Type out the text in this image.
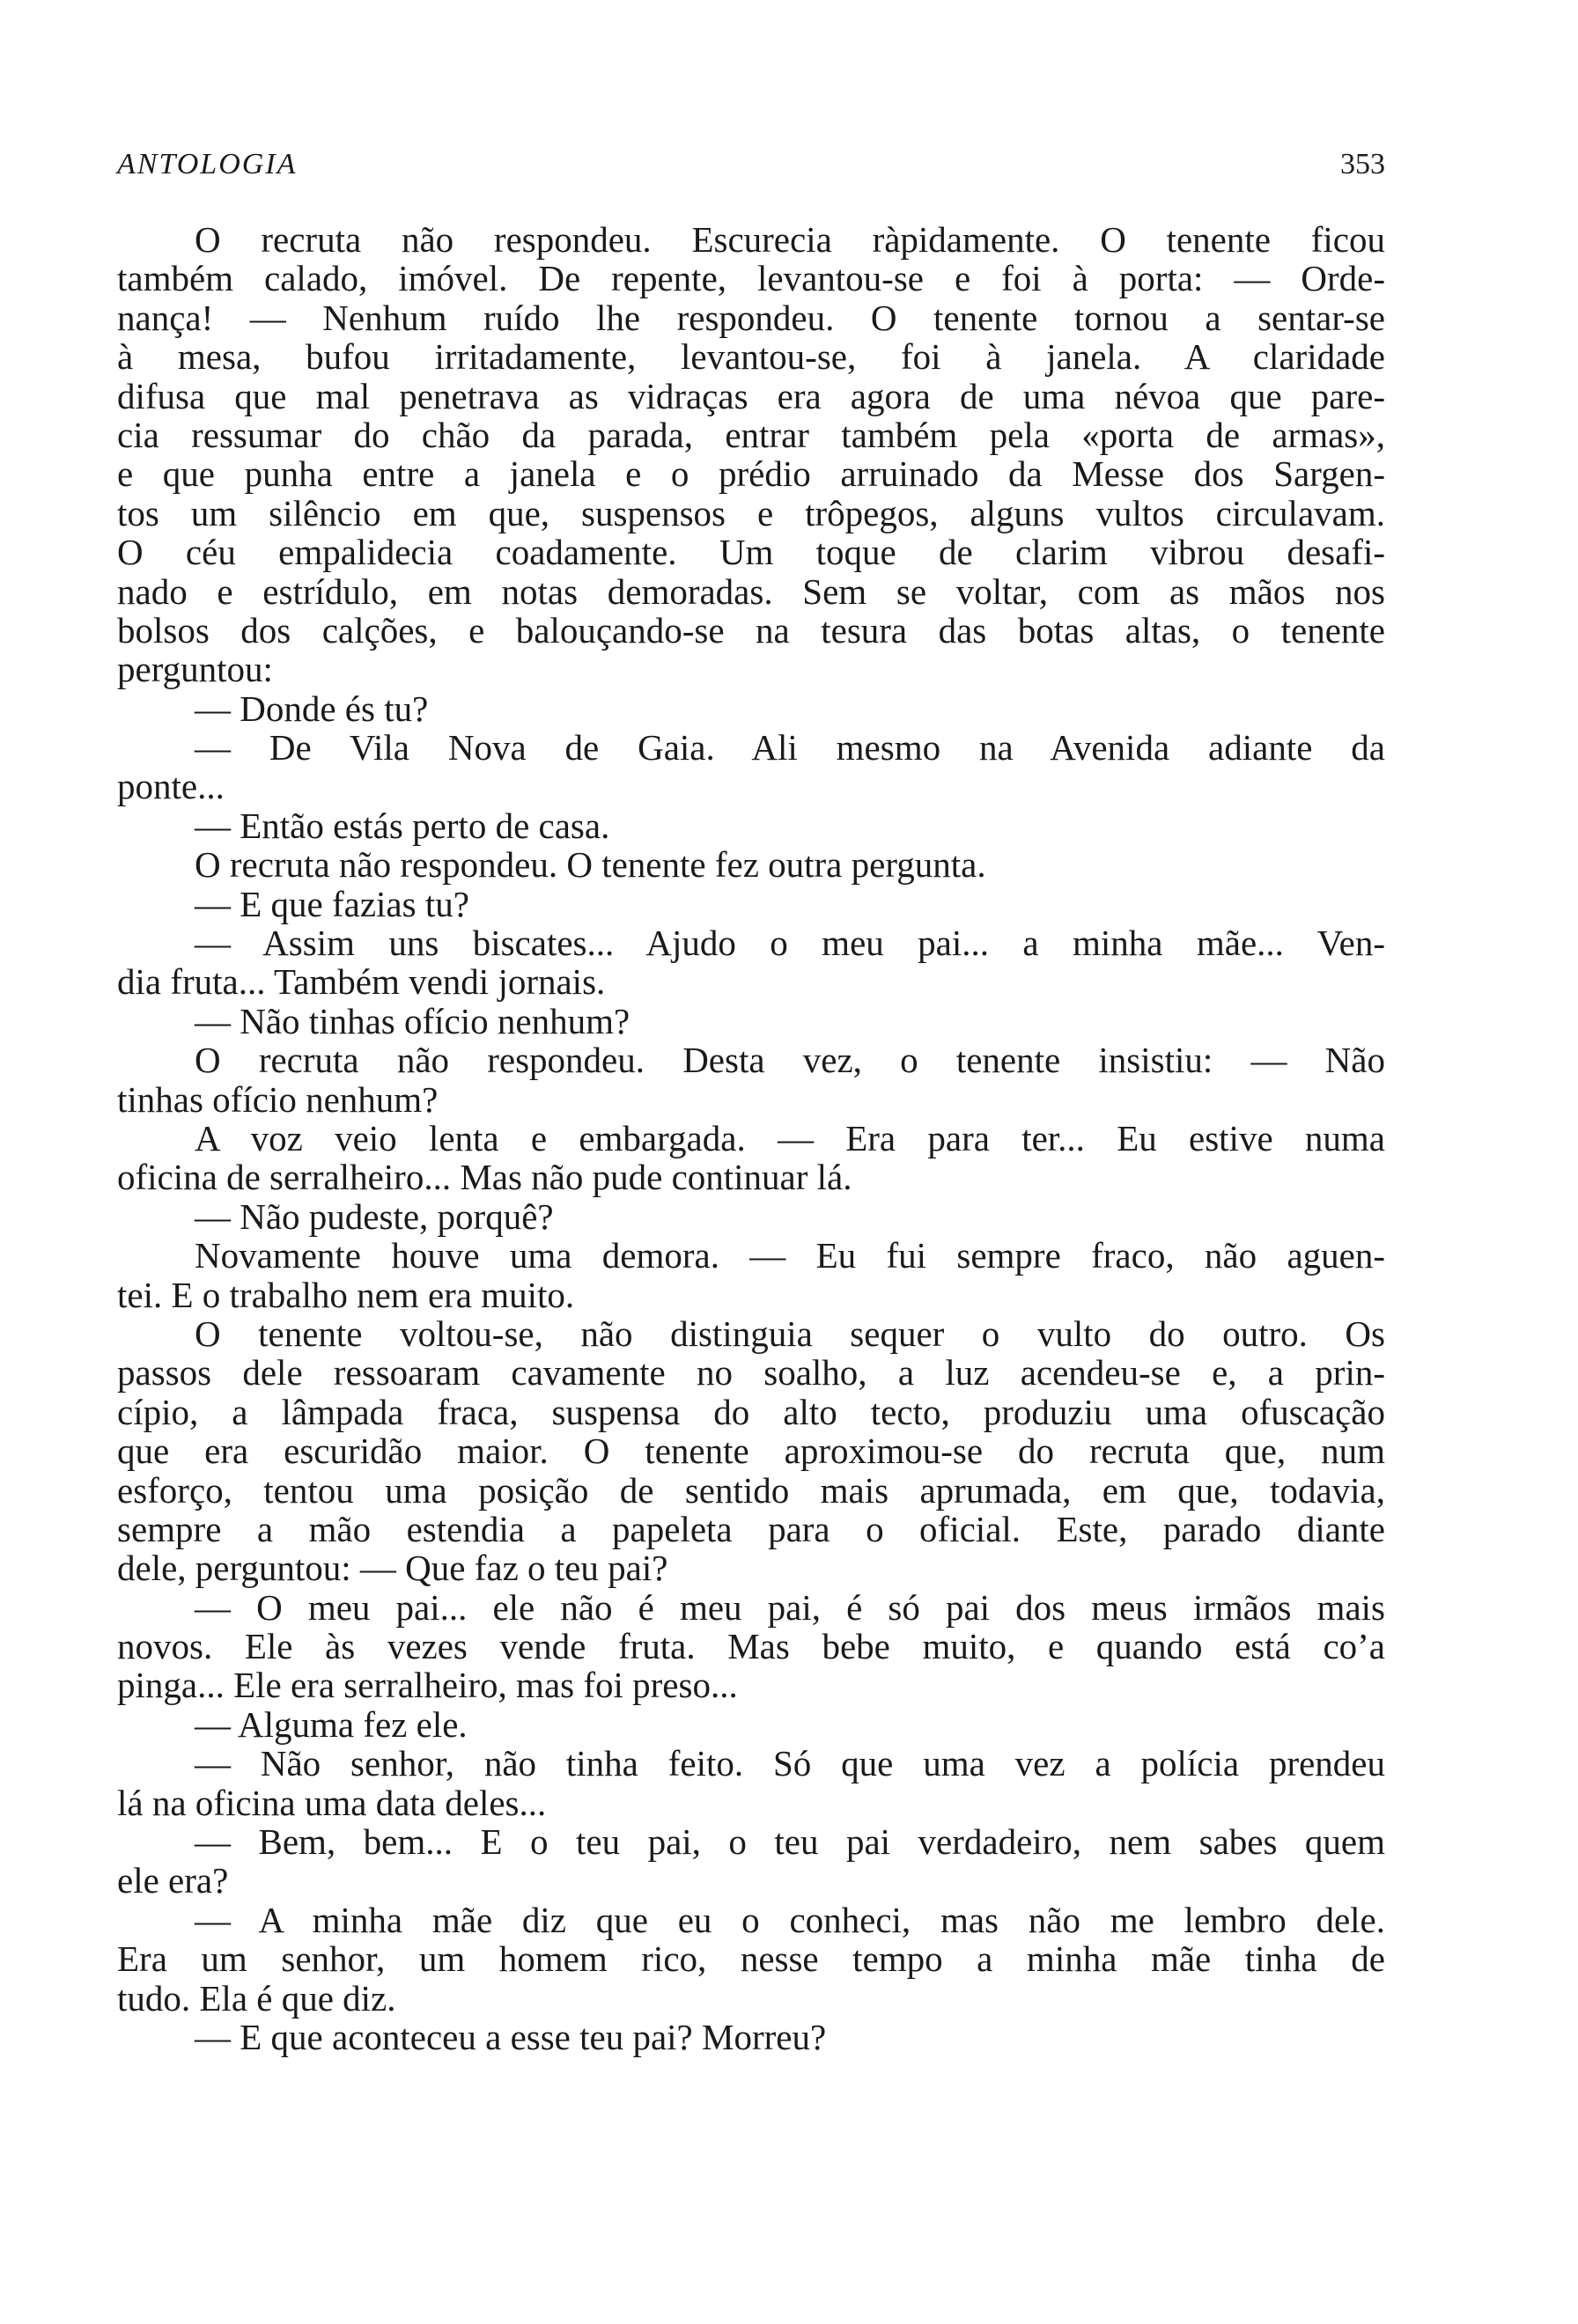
ANTOLOGIA	353
O recruta não respondeu. Escurecia ràpidamente. O tenente ficou
também calado, imóvel. De repente, levantou-se e foi à porta: — Orde-
nança! — Nenhum ruído lhe respondeu. O tenente tornou a sentar-se
à mesa, bufou irritadamente, levantou-se, foi à janela. A claridade
difusa que mal penetrava as vidraças era agora de uma névoa que pare-
cia ressumar do chão da parada, entrar também pela «porta de armas»,
e que punha entre a janela e o prédio arruinado da Messe dos Sargen-
tos um silêncio em que, suspensos e trôpegos, alguns vultos circulavam.
O céu empalidecia coadamente. Um toque de clarim vibrou desafi-
nado e estrídulo, em notas demoradas. Sem se voltar, com as mãos nos
bolsos dos calções, e balouçando-se na tesura das botas altas, o tenente
perguntou:
— Donde és tu?
— De Vila Nova de Gaia. Ali mesmo na Avenida adiante da
ponte...
— Então estás perto de casa.
O recruta não respondeu. O tenente fez outra pergunta.
— E que fazias tu?
— Assim uns biscates... Ajudo o meu pai... a minha mãe... Ven-
dia fruta... Também vendi jornais.
— Não tinhas ofício nenhum?
O recruta não respondeu. Desta vez, o tenente insistiu: — Não
tinhas ofício nenhum?
A voz veio lenta e embargada. — Era para ter... Eu estive numa
oficina de serralheiro... Mas não pude continuar lá.
— Não pudeste, porquê?
Novamente houve uma demora. — Eu fui sempre fraco, não aguen-
tei. E o trabalho nem era muito.
O tenente voltou-se, não distinguia sequer o vulto do outro. Os
passos dele ressoaram cavamente no soalho, a luz acendeu-se e, a prin-
cípio, a lâmpada fraca, suspensa do alto tecto, produziu uma ofuscação
que era escuridão maior. O tenente aproximou-se do recruta que, num
esforço, tentou uma posição de sentido mais aprumada, em que, todavia,
sempre a mão estendia a papeleta para o oficial. Este, parado diante
dele, perguntou: — Que faz o teu pai?
— O meu pai... ele não é meu pai, é só pai dos meus irmãos mais
novos. Ele às vezes vende fruta. Mas bebe muito, e quando está co’a
pinga... Ele era serralheiro, mas foi preso...
— Alguma fez ele.
— Não senhor, não tinha feito. Só que uma vez a polícia prendeu
lá na oficina uma data deles...
— Bem, bem... E o teu pai, o teu pai verdadeiro, nem sabes quem
ele era?
— A minha mãe diz que eu o conheci, mas não me lembro dele.
Era um senhor, um homem rico, nesse tempo a minha mãe tinha de
tudo. Ela é que diz.
— E que aconteceu a esse teu pai? Morreu?
